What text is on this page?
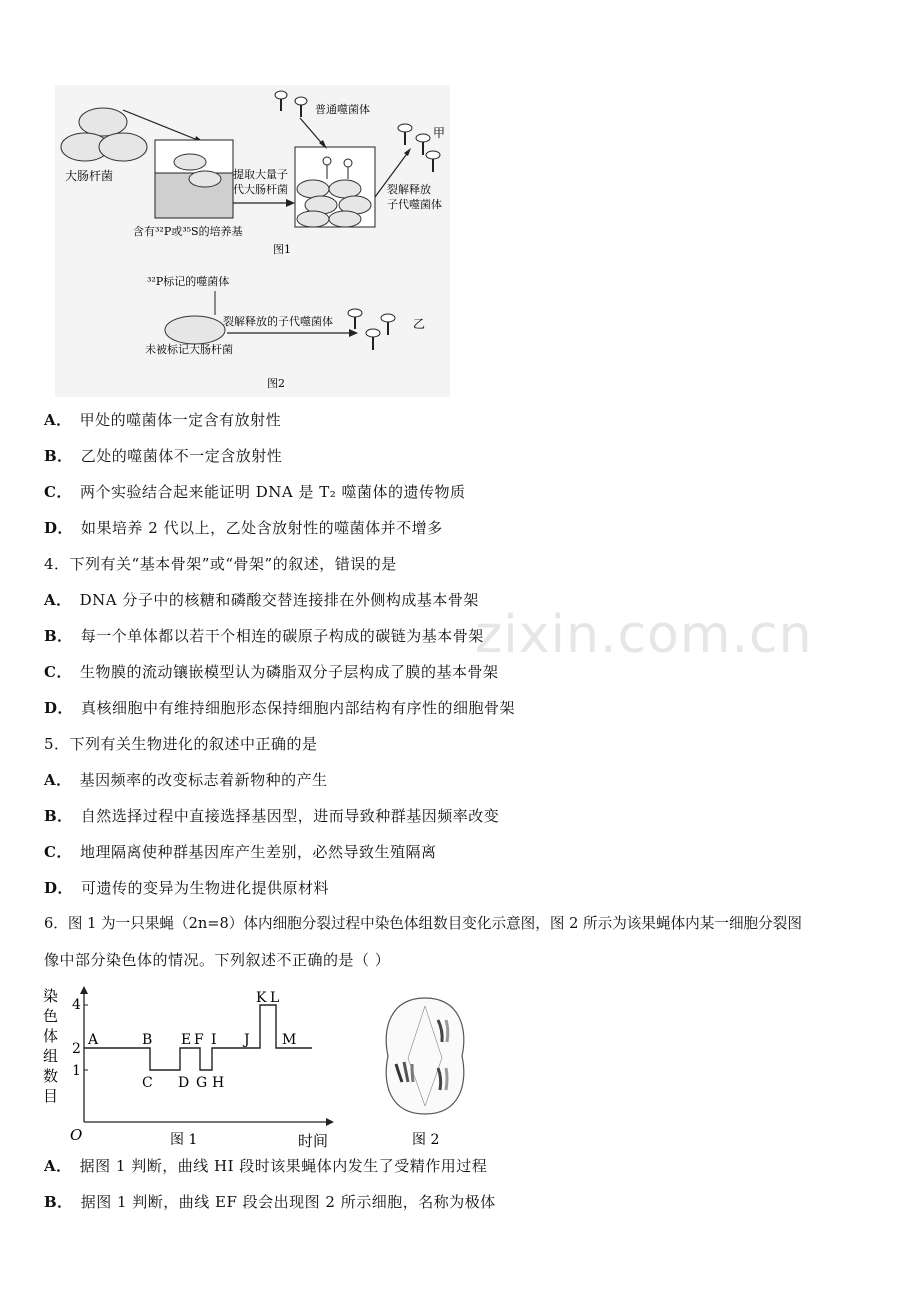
大肠杆菌
含有³²P或³⁵S的培养基
提取大量子
代大肠杆菌
普通噬菌体
甲
裂解释放
子代噬菌体
图1
³²P标记的噬菌体
裂解释放的子代噬菌体	乙
未被标记大肠杆菌
图2
zixin.com.cn
A． 甲处的噬菌体一定含有放射性
B． 乙处的噬菌体不一定含放射性
C． 两个实验结合起来能证明 DNA 是 T₂ 噬菌体的遗传物质
D． 如果培养 2 代以上，乙处含放射性的噬菌体并不增多
4．下列有关“基本骨架”或“骨架”的叙述，错误的是
A． DNA 分子中的核糖和磷酸交替连接排在外侧构成基本骨架
B． 每一个单体都以若干个相连的碳原子构成的碳链为基本骨架
C． 生物膜的流动镶嵌模型认为磷脂双分子层构成了膜的基本骨架
D． 真核细胞中有维持细胞形态保持细胞内部结构有序性的细胞骨架
5．下列有关生物进化的叙述中正确的是
A． 基因频率的改变标志着新物种的产生
B． 自然选择过程中直接选择基因型，进而导致种群基因频率改变
C． 地理隔离使种群基因库产生差别，必然导致生殖隔离
D． 可遗传的变异为生物进化提供原材料
6．图 1 为一只果蝇（2n=8）体内细胞分裂过程中染色体组数目变化示意图，图 2 所示为该果蝇体内某一细胞分裂图
像中部分染色体的情况。下列叙述不正确的是（ ）
染
色
体
组
数
目
O	时间
4
2
1
A	B
C D
E F
G H
I J
K L
M
图 1	图 2
A． 据图 1 判断，曲线 HI 段时该果蝇体内发生了受精作用过程
B． 据图 1 判断，曲线 EF 段会出现图 2 所示细胞，名称为极体
